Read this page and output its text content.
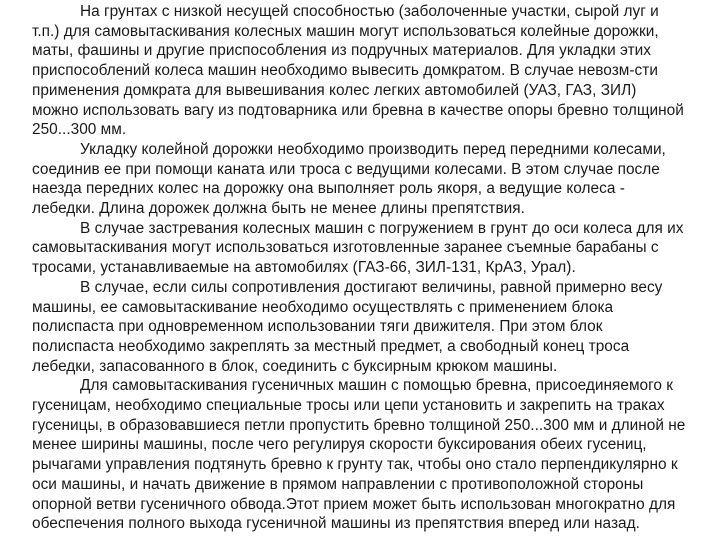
На грунтах с низкой несущей способностью (заболоченные участки, сырой луг и
т.п.) для самовытаскивания колесных машин могут использоваться колейные дорожки,
маты, фашины и другие приспособления из подручных материалов. Для укладки этих
приспособлений колеса машин необходимо вывесить домкратом. В случае невозм-сти
применения домкрата для вывешивания колес легких автомобилей (УАЗ, ГАЗ, ЗИЛ)
можно использовать вагу из подтоварника или бревна в качестве опоры бревно толщиной
250...300 мм.

Укладку колейной дорожки необходимо производить перед передними колесами,
соединив ее при помощи каната или троса с ведущими колесами. В этом случае после
наезда передних колес на дорожку она выполняет роль якоря, а ведущие колеса -
лебедки. Длина дорожек должна быть не менее длины препятствия.

В случае застревания колесных машин с погружением в грунт до оси колеса для их
самовытаскивания могут использоваться изготовленные заранее съемные барабаны с
тросами, устанавливаемые на автомобилях (ГАЗ-66, ЗИЛ-131, КрАЗ, Урал).

В случае, если силы сопротивления достигают величины, равной примерно весу
машины, ее самовытаскивание необходимо осуществлять с применением блока
полиспаста при одновременном использовании тяги движителя. При этом блок
полиспаста необходимо закреплять за местный предмет, а свободный конец троса
лебедки, запасованного в блок, соединить с буксирным крюком машины.

Для самовытаскивания гусеничных машин с помощью бревна, присоединяемого к
гусеницам, необходимо специальные тросы или цепи установить и закрепить на траках
гусеницы, в образовавшиеся петли пропустить бревно толщиной 250...300 мм и длиной не
менее ширины машины, после чего регулируя скорости буксирования обеих гусениц,
рычагами управления подтянуть бревно к грунту так, чтобы оно стало перпендикулярно к
оси машины, и начать движение в прямом направлении с противоположной стороны
опорной ветви гусеничного обвода.Этот прием может быть использован многократно для
обеспечения полного выхода гусеничной машины из препятствия вперед или назад.
